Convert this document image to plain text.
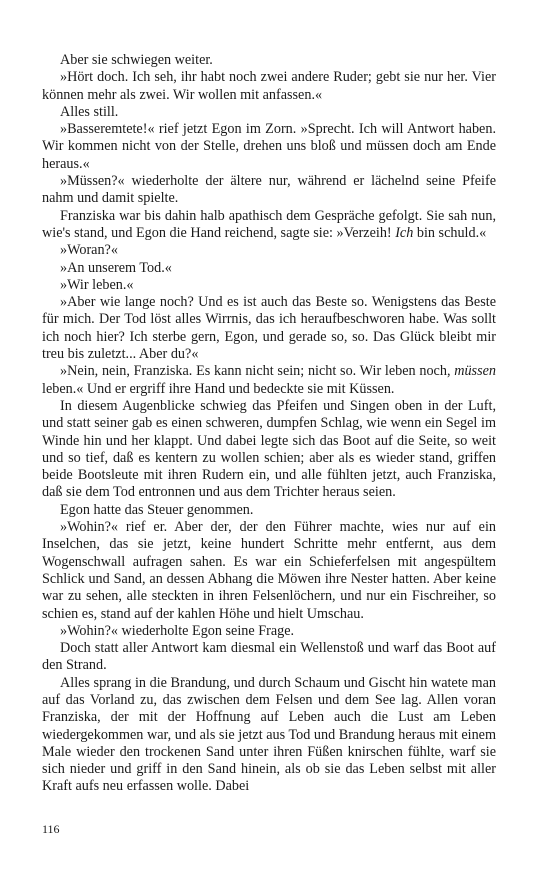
Aber sie schwiegen weiter.

»Hört doch. Ich seh, ihr habt noch zwei andere Ruder; gebt sie nur her. Vier können mehr als zwei. Wir wollen mit anfassen.«

Alles still.

»Basseremtete!« rief jetzt Egon im Zorn. »Sprecht. Ich will Antwort haben. Wir kommen nicht von der Stelle, drehen uns bloß und müssen doch am Ende heraus.«

»Müssen?« wiederholte der ältere nur, während er lächelnd seine Pfeife nahm und damit spielte.

Franziska war bis dahin halb apathisch dem Gespräche gefolgt. Sie sah nun, wie's stand, und Egon die Hand reichend, sagte sie: »Verzeih! Ich bin schuld.«

»Woran?«

»An unserem Tod.«

»Wir leben.«

»Aber wie lange noch? Und es ist auch das Beste so. Wenigstens das Beste für mich. Der Tod löst alles Wirrnis, das ich heraufbeschworen habe. Was sollt ich noch hier? Ich sterbe gern, Egon, und gerade so, so. Das Glück bleibt mir treu bis zuletzt... Aber du?«

»Nein, nein, Franziska. Es kann nicht sein; nicht so. Wir leben noch, müssen leben.« Und er ergriff ihre Hand und bedeckte sie mit Küssen.

In diesem Augenblicke schwieg das Pfeifen und Singen oben in der Luft, und statt seiner gab es einen schweren, dumpfen Schlag, wie wenn ein Segel im Winde hin und her klappt. Und dabei legte sich das Boot auf die Seite, so weit und so tief, daß es kentern zu wollen schien; aber als es wieder stand, griffen beide Bootsleute mit ihren Rudern ein, und alle fühlten jetzt, auch Franziska, daß sie dem Tod entronnen und aus dem Trichter heraus seien.

Egon hatte das Steuer genommen.

»Wohin?« rief er. Aber der, der den Führer machte, wies nur auf ein Inselchen, das sie jetzt, keine hundert Schritte mehr entfernt, aus dem Wogenschwall aufragen sahen. Es war ein Schieferfelsen mit angespültem Schlick und Sand, an dessen Abhang die Möwen ihre Nester hatten. Aber keine war zu sehen, alle steckten in ihren Felsenlöchern, und nur ein Fischreiher, so schien es, stand auf der kahlen Höhe und hielt Umschau.

»Wohin?« wiederholte Egon seine Frage.

Doch statt aller Antwort kam diesmal ein Wellenstoß und warf das Boot auf den Strand.

Alles sprang in die Brandung, und durch Schaum und Gischt hin watete man auf das Vorland zu, das zwischen dem Felsen und dem See lag. Allen voran Franziska, der mit der Hoffnung auf Leben auch die Lust am Leben wiedergekommen war, und als sie jetzt aus Tod und Brandung heraus mit einem Male wieder den trockenen Sand unter ihren Füßen knirschen fühlte, warf sie sich nieder und griff in den Sand hinein, als ob sie das Leben selbst mit aller Kraft aufs neu erfassen wolle. Dabei

116
